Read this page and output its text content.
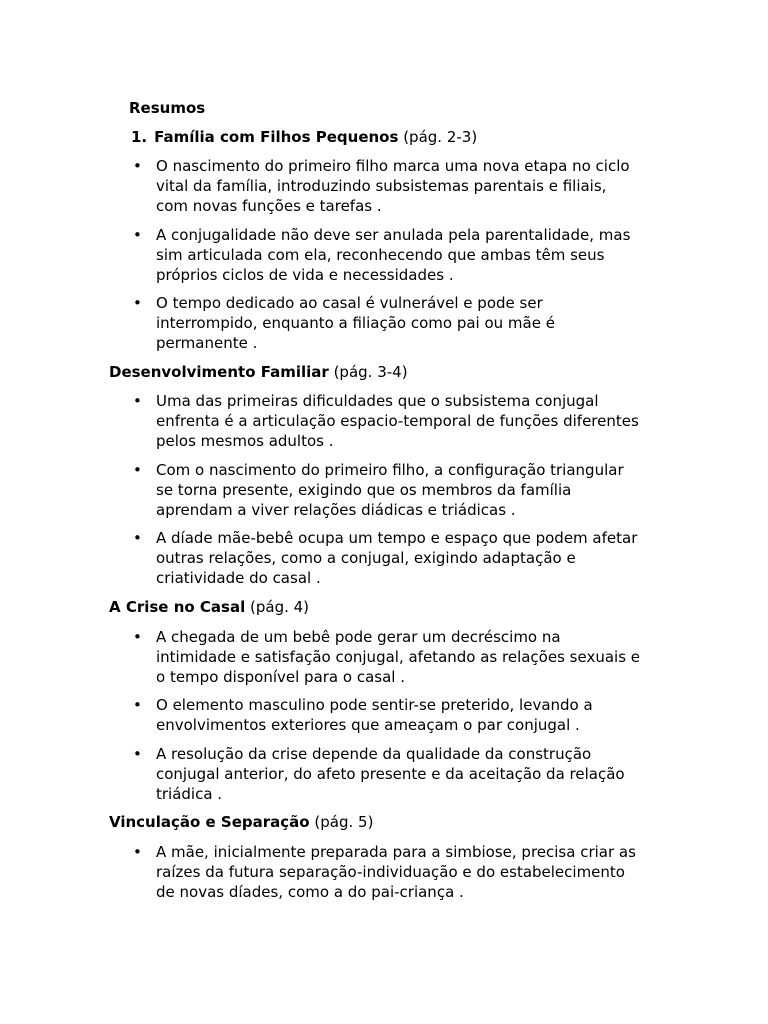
Resumos
1. Família com Filhos Pequenos (pág. 2-3)
• O nascimento do primeiro filho marca uma nova etapa no ciclo
vital da família, introduzindo subsistemas parentais e filiais,
com novas funções e tarefas .
• A conjugalidade não deve ser anulada pela parentalidade, mas
sim articulada com ela, reconhecendo que ambas têm seus
próprios ciclos de vida e necessidades .
• O tempo dedicado ao casal é vulnerável e pode ser
interrompido, enquanto a filiação como pai ou mãe é
permanente .
Desenvolvimento Familiar (pág. 3-4)
• Uma das primeiras dificuldades que o subsistema conjugal
enfrenta é a articulação espacio-temporal de funções diferentes
pelos mesmos adultos .
• Com o nascimento do primeiro filho, a configuração triangular
se torna presente, exigindo que os membros da família
aprendam a viver relações diádicas e triádicas .
• A díade mãe-bebê ocupa um tempo e espaço que podem afetar
outras relações, como a conjugal, exigindo adaptação e
criatividade do casal .
A Crise no Casal (pág. 4)
• A chegada de um bebê pode gerar um decréscimo na
intimidade e satisfação conjugal, afetando as relações sexuais e
o tempo disponível para o casal .
• O elemento masculino pode sentir-se preterido, levando a
envolvimentos exteriores que ameaçam o par conjugal .
• A resolução da crise depende da qualidade da construção
conjugal anterior, do afeto presente e da aceitação da relação
triádica .
Vinculação e Separação (pág. 5)
• A mãe, inicialmente preparada para a simbiose, precisa criar as
raízes da futura separação-individuação e do estabelecimento
de novas díades, como a do pai-criança .
